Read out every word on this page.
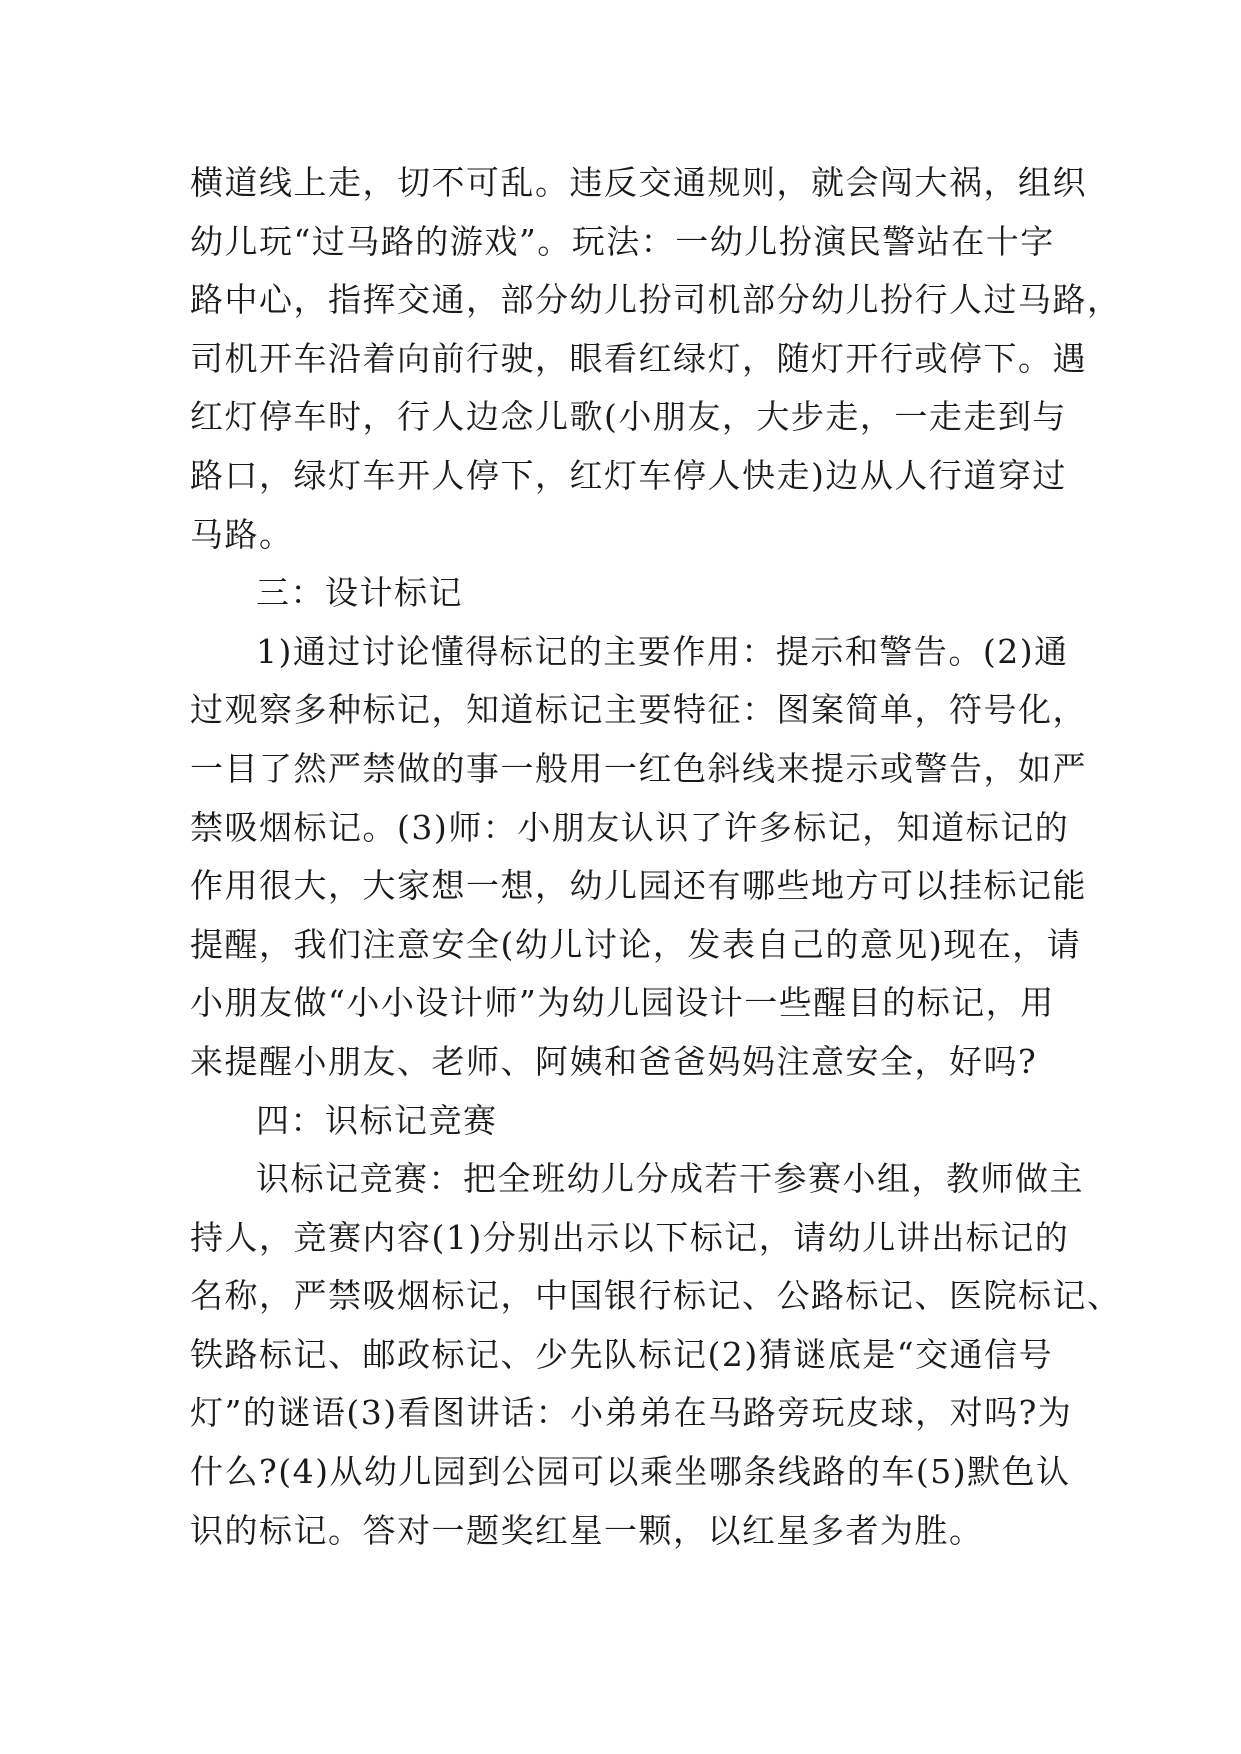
横道线上走，切不可乱。违反交通规则，就会闯大祸，组织
幼儿玩“过马路的游戏”。玩法：一幼儿扮演民警站在十字
路中心，指挥交通，部分幼儿扮司机部分幼儿扮行人过马路，
司机开车沿着向前行驶，眼看红绿灯，随灯开行或停下。遇
红灯停车时，行人边念儿歌(小朋友，大步走，一走走到与
路口，绿灯车开人停下，红灯车停人快走)边从人行道穿过
马路。
三：设计标记
1)通过讨论懂得标记的主要作用：提示和警告。(2)通
过观察多种标记，知道标记主要特征：图案简单，符号化，
一目了然严禁做的事一般用一红色斜线来提示或警告，如严
禁吸烟标记。(3)师：小朋友认识了许多标记，知道标记的
作用很大，大家想一想，幼儿园还有哪些地方可以挂标记能
提醒，我们注意安全(幼儿讨论，发表自己的意见)现在，请
小朋友做“小小设计师”为幼儿园设计一些醒目的标记，用
来提醒小朋友、老师、阿姨和爸爸妈妈注意安全，好吗?
四：识标记竞赛
识标记竞赛：把全班幼儿分成若干参赛小组，教师做主
持人，竞赛内容(1)分别出示以下标记，请幼儿讲出标记的
名称，严禁吸烟标记，中国银行标记、公路标记、医院标记、
铁路标记、邮政标记、少先队标记(2)猜谜底是“交通信号
灯”的谜语(3)看图讲话：小弟弟在马路旁玩皮球，对吗?为
什么?(4)从幼儿园到公园可以乘坐哪条线路的车(5)默色认
识的标记。答对一题奖红星一颗，以红星多者为胜。
